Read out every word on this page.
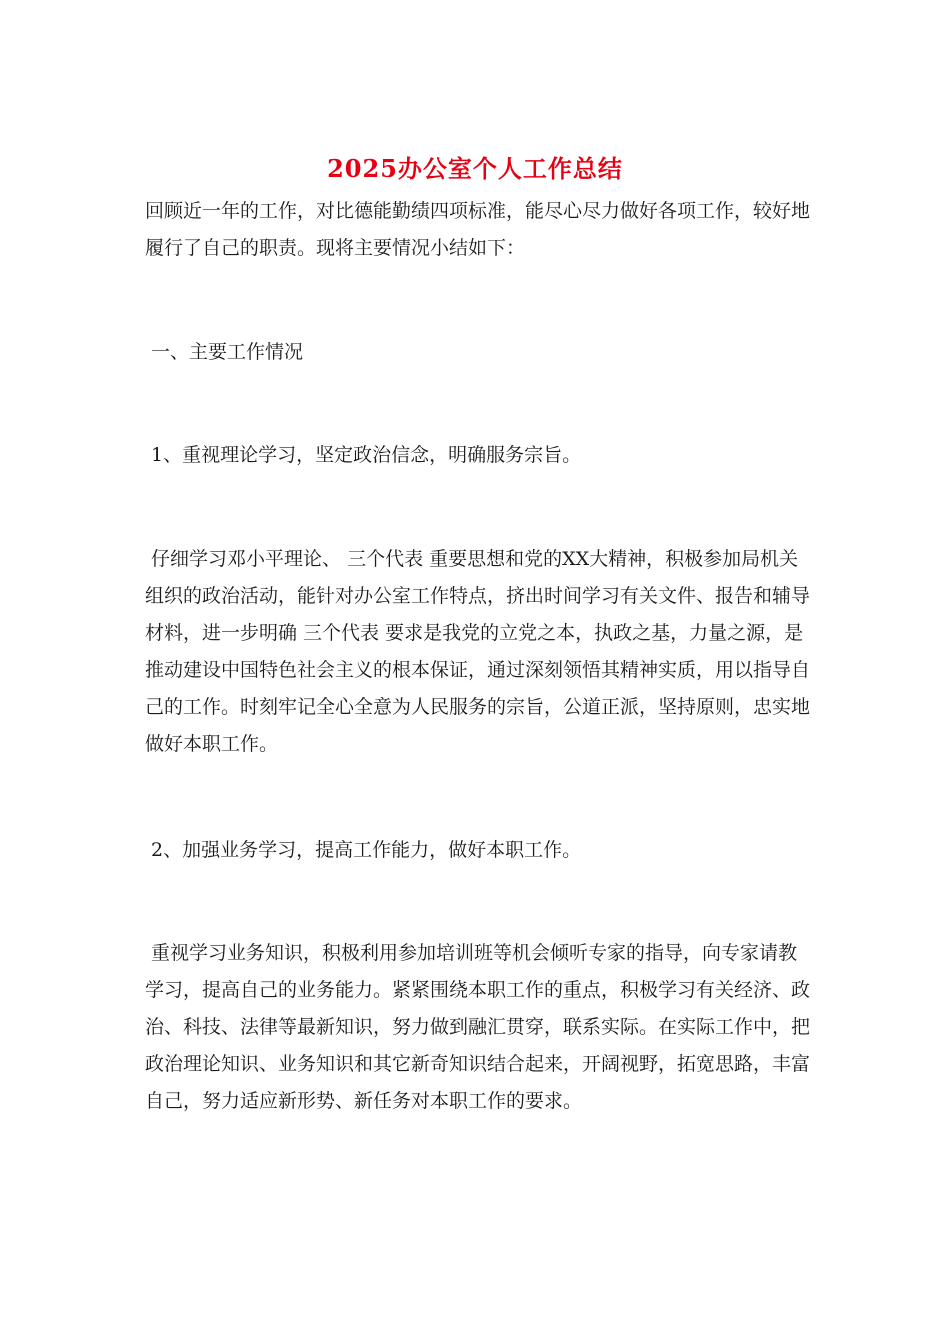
2025办公室个人工作总结

回顾近一年的工作，对比德能勤绩四项标准，能尽心尽力做好各项工作，较好地履行了自己的职责。现将主要情况小结如下：

一、主要工作情况

1、重视理论学习，坚定政治信念，明确服务宗旨。

仔细学习邓小平理论、 三个代表 重要思想和党的XX大精神，积极参加局机关组织的政治活动，能针对办公室工作特点，挤出时间学习有关文件、报告和辅导材料，进一步明确 三个代表 要求是我党的立党之本，执政之基，力量之源，是推动建设中国特色社会主义的根本保证，通过深刻领悟其精神实质，用以指导自己的工作。时刻牢记全心全意为人民服务的宗旨，公道正派，坚持原则，忠实地做好本职工作。

2、加强业务学习，提高工作能力，做好本职工作。

重视学习业务知识，积极利用参加培训班等机会倾听专家的指导，向专家请教学习，提高自己的业务能力。紧紧围绕本职工作的重点，积极学习有关经济、政治、科技、法律等最新知识，努力做到融汇贯穿，联系实际。在实际工作中，把政治理论知识、业务知识和其它新奇知识结合起来，开阔视野，拓宽思路，丰富自己，努力适应新形势、新任务对本职工作的要求。
